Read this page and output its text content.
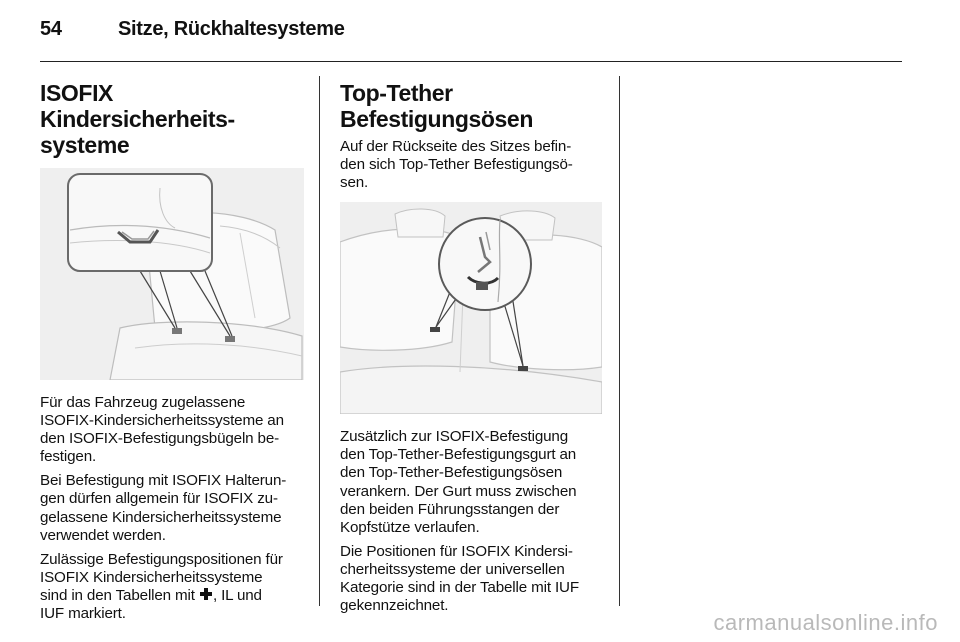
54	Sitze, Rückhaltesysteme
ISOFIX Kindersicherheits-
systeme

Für das Fahrzeug zugelassene
ISOFIX-Kindersicherheitssysteme an
den ISOFIX-Befestigungsbügeln be-
festigen.

Bei Befestigung mit ISOFIX Halterun-
gen dürfen allgemein für ISOFIX zu-
gelassene Kindersicherheitssysteme
verwendet werden.

Zulässige Befestigungspositionen für
ISOFIX Kindersicherheitssysteme
sind in den Tabellen mit , IL und
IUF markiert.

Top-Tether
Befestigungsösen

Auf der Rückseite des Sitzes befin-
den sich Top-Tether Befestigungsö-
sen.

Zusätzlich zur ISOFIX-Befestigung
den Top-Tether-Befestigungsgurt an
den Top-Tether-Befestigungsösen
verankern. Der Gurt muss zwischen
den beiden Führungsstangen der
Kopfstütze verlaufen.

Die Positionen für ISOFIX Kindersi-
cherheitssysteme der universellen
Kategorie sind in der Tabelle mit IUF
gekennzeichnet.

carmanualsonline.info
